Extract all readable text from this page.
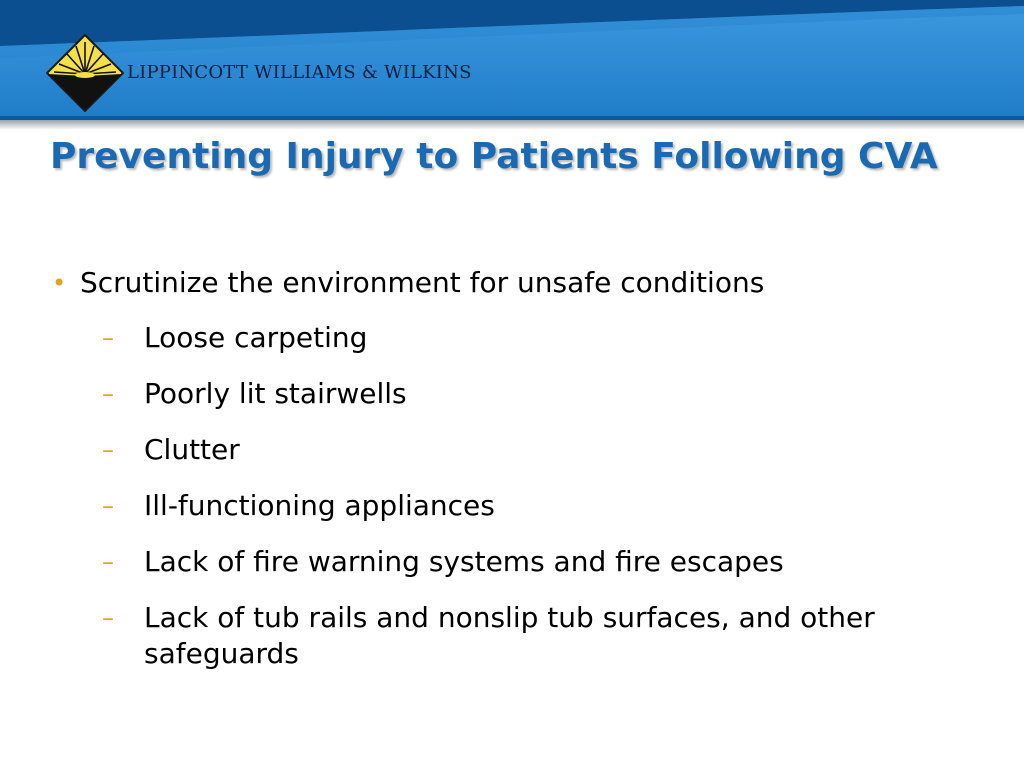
LIPPINCOTT WILLIAMS & WILKINS
Preventing Injury to Patients Following CVA
• Scrutinize the environment for unsafe conditions
– Loose carpeting
– Poorly lit stairwells
– Clutter
– Ill-functioning appliances
– Lack of fire warning systems and fire escapes
– Lack of tub rails and nonslip tub surfaces, and other safeguards
